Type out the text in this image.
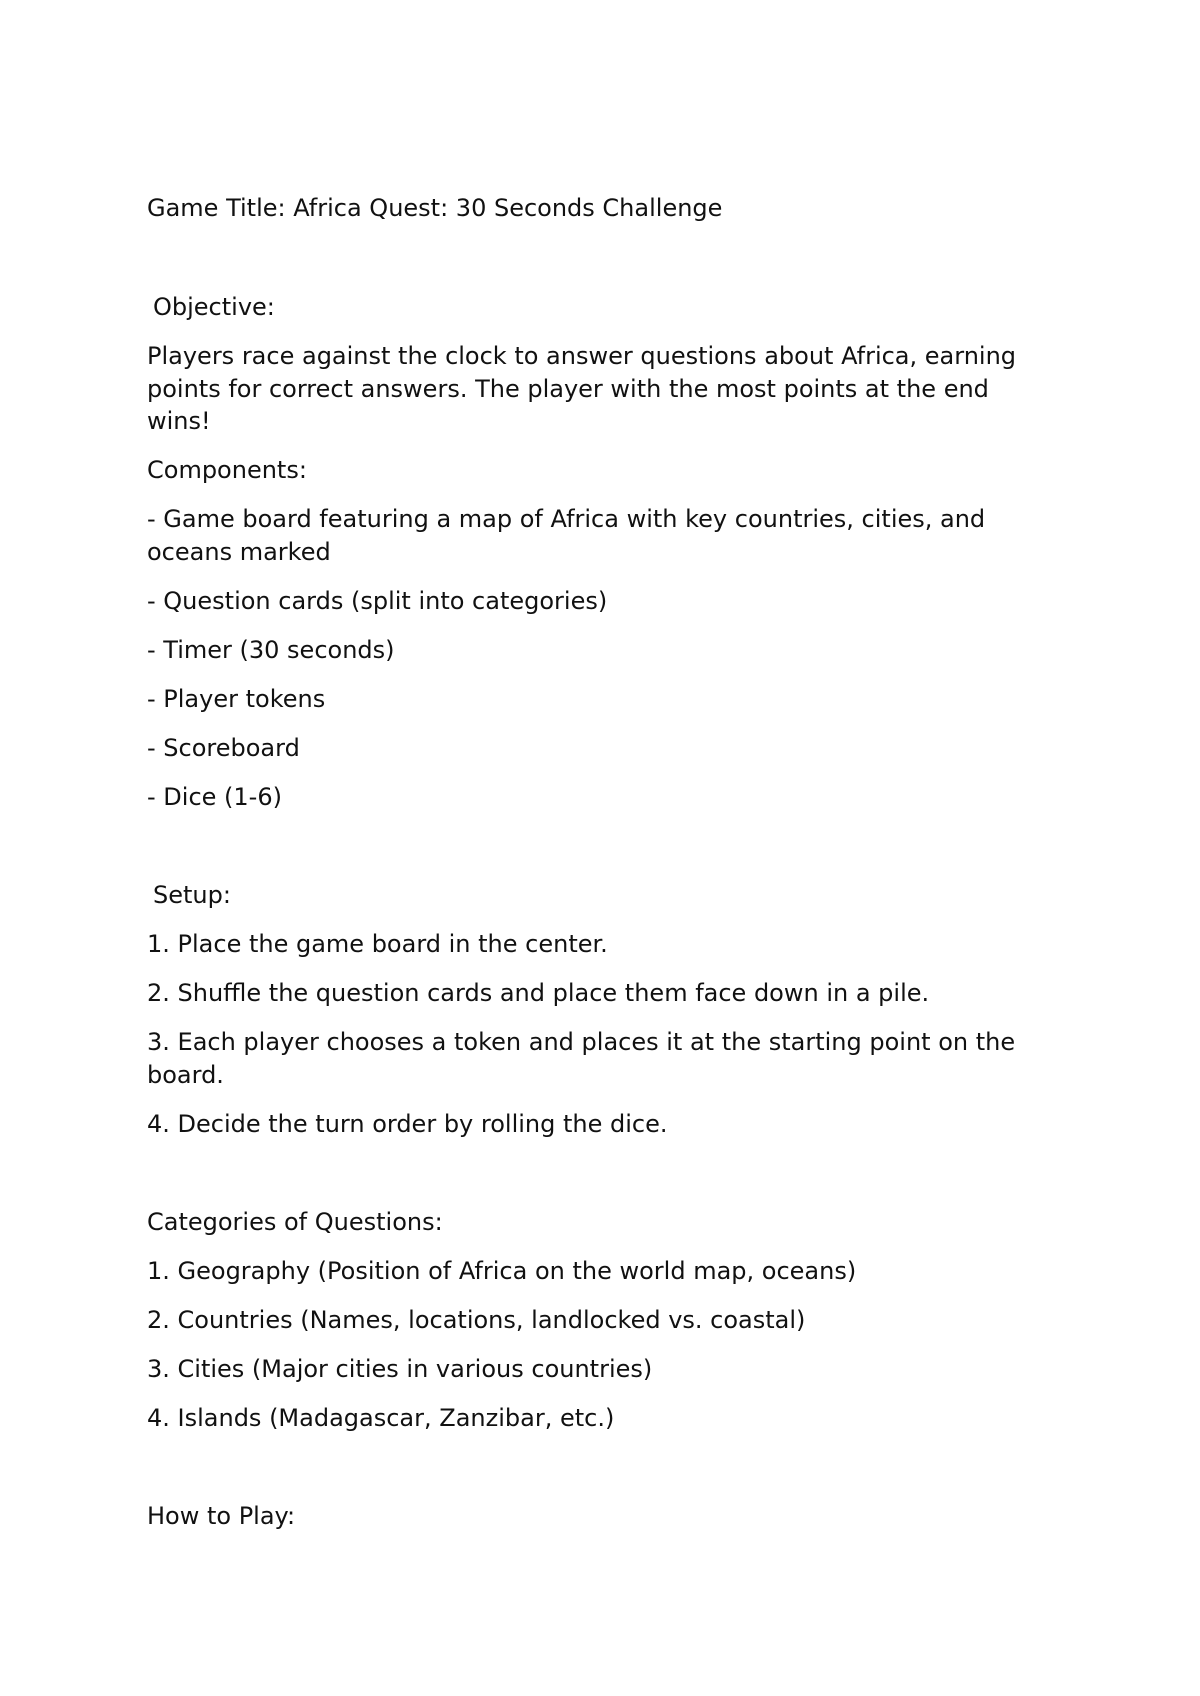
Game Title: Africa Quest: 30 Seconds Challenge
Objective:
Players race against the clock to answer questions about Africa, earning
points for correct answers. The player with the most points at the end
wins!
Components:
- Game board featuring a map of Africa with key countries, cities, and
oceans marked
- Question cards (split into categories)
- Timer (30 seconds)
- Player tokens
- Scoreboard
- Dice (1-6)
Setup:
1. Place the game board in the center.
2. Shuffle the question cards and place them face down in a pile.
3. Each player chooses a token and places it at the starting point on the
board.
4. Decide the turn order by rolling the dice.
Categories of Questions:
1. Geography (Position of Africa on the world map, oceans)
2. Countries (Names, locations, landlocked vs. coastal)
3. Cities (Major cities in various countries)
4. Islands (Madagascar, Zanzibar, etc.)
How to Play:
